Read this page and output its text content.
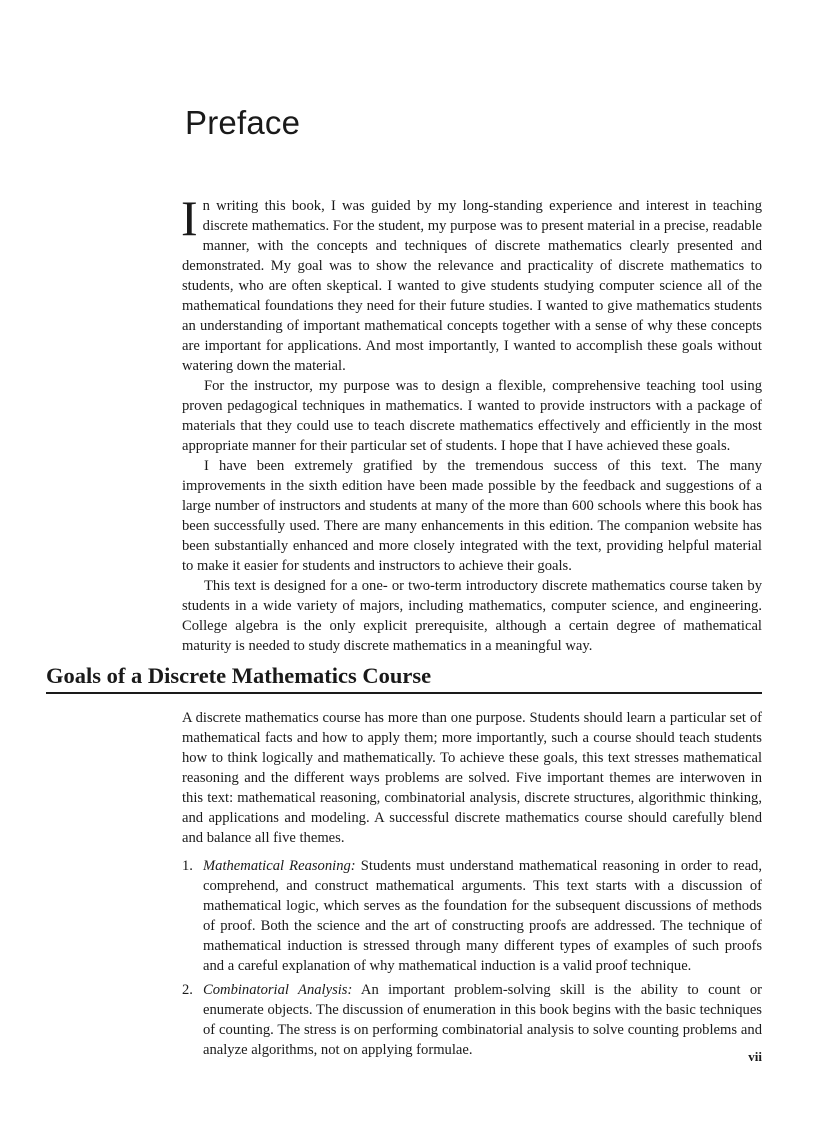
Preface

In writing this book, I was guided by my long-standing experience and interest in teaching discrete mathematics. For the student, my purpose was to present material in a precise, readable manner, with the concepts and techniques of discrete mathematics clearly presented and demonstrated. My goal was to show the relevance and practicality of discrete mathematics to students, who are often skeptical. I wanted to give students studying computer science all of the mathematical foundations they need for their future studies. I wanted to give mathematics students an understanding of important mathematical concepts together with a sense of why these concepts are important for applications. And most importantly, I wanted to accomplish these goals without watering down the material.

For the instructor, my purpose was to design a flexible, comprehensive teaching tool using proven pedagogical techniques in mathematics. I wanted to provide instructors with a package of materials that they could use to teach discrete mathematics effectively and efficiently in the most appropriate manner for their particular set of students. I hope that I have achieved these goals.

I have been extremely gratified by the tremendous success of this text. The many improvements in the sixth edition have been made possible by the feedback and suggestions of a large number of instructors and students at many of the more than 600 schools where this book has been successfully used. There are many enhancements in this edition. The companion website has been substantially enhanced and more closely integrated with the text, providing helpful material to make it easier for students and instructors to achieve their goals.

This text is designed for a one- or two-term introductory discrete mathematics course taken by students in a wide variety of majors, including mathematics, computer science, and engineering. College algebra is the only explicit prerequisite, although a certain degree of mathematical maturity is needed to study discrete mathematics in a meaningful way.

Goals of a Discrete Mathematics Course

A discrete mathematics course has more than one purpose. Students should learn a particular set of mathematical facts and how to apply them; more importantly, such a course should teach students how to think logically and mathematically. To achieve these goals, this text stresses mathematical reasoning and the different ways problems are solved. Five important themes are interwoven in this text: mathematical reasoning, combinatorial analysis, discrete structures, algorithmic thinking, and applications and modeling. A successful discrete mathematics course should carefully blend and balance all five themes.

1. Mathematical Reasoning: Students must understand mathematical reasoning in order to read, comprehend, and construct mathematical arguments. This text starts with a discussion of mathematical logic, which serves as the foundation for the subsequent discussions of methods of proof. Both the science and the art of constructing proofs are addressed. The technique of mathematical induction is stressed through many different types of examples of such proofs and a careful explanation of why mathematical induction is a valid proof technique.
2. Combinatorial Analysis: An important problem-solving skill is the ability to count or enumerate objects. The discussion of enumeration in this book begins with the basic techniques of counting. The stress is on performing combinatorial analysis to solve counting problems and analyze algorithms, not on applying formulae.	vii
